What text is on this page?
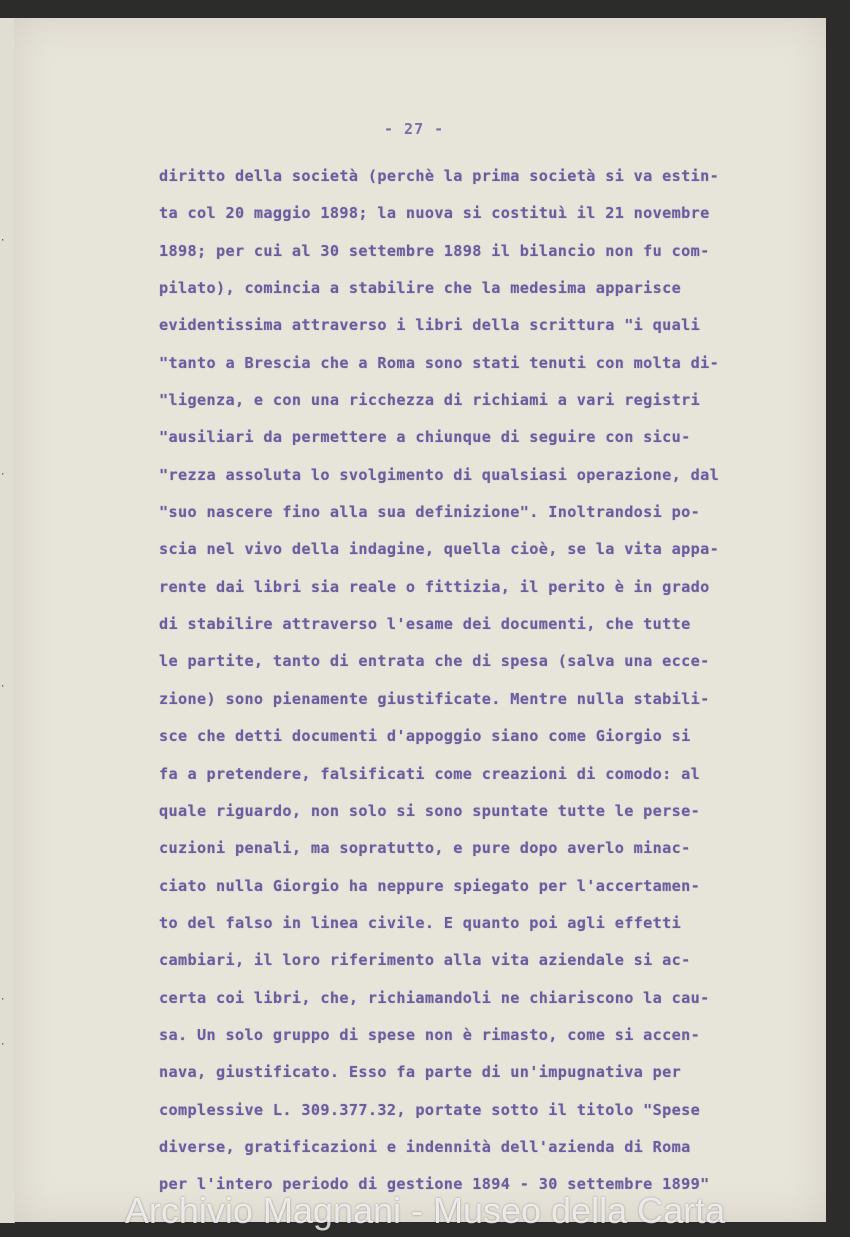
·
·
·
·
·

- 27 -

diritto della società (perchè la prima società si va estin-
ta col 20 maggio 1898; la nuova si costituì il 21 novembre
1898; per cui al 30 settembre 1898 il bilancio non fu com-
pilato), comincia a stabilire che la medesima apparisce
evidentissima attraverso i libri della scrittura "i quali
"tanto a Brescia che a Roma sono stati tenuti con molta di-
"ligenza, e con una ricchezza di richiami a vari registri
"ausiliari da permettere a chiunque di seguire con sicu-
"rezza assoluta lo svolgimento di qualsiasi operazione, dal
"suo nascere fino alla sua definizione". Inoltrandosi po-
scia nel vivo della indagine, quella cioè, se la vita appa-
rente dai libri sia reale o fittizia, il perito è in grado
di stabilire attraverso l'esame dei documenti, che tutte
le partite, tanto di entrata che di spesa (salva una ecce-
zione) sono pienamente giustificate. Mentre nulla stabili-
sce che detti documenti d'appoggio siano come Giorgio si
fa a pretendere, falsificati come creazioni di comodo: al
quale riguardo, non solo si sono spuntate tutte le perse-
cuzioni penali, ma sopratutto, e pure dopo averlo minac-
ciato nulla Giorgio ha neppure spiegato per l'accertamen-
to del falso in linea civile. E quanto poi agli effetti
cambiari, il loro riferimento alla vita aziendale si ac-
certa coi libri, che, richiamandoli ne chiariscono la cau-
sa. Un solo gruppo di spese non è rimasto, come si accen-
nava, giustificato. Esso fa parte di un'impugnativa per
complessive L. 309.377.32, portate sotto il titolo "Spese
diverse, gratificazioni e indennità dell'azienda di Roma
per l'intero periodo di gestione 1894 - 30 settembre 1899"
Archivio Magnani - Museo della Carta
